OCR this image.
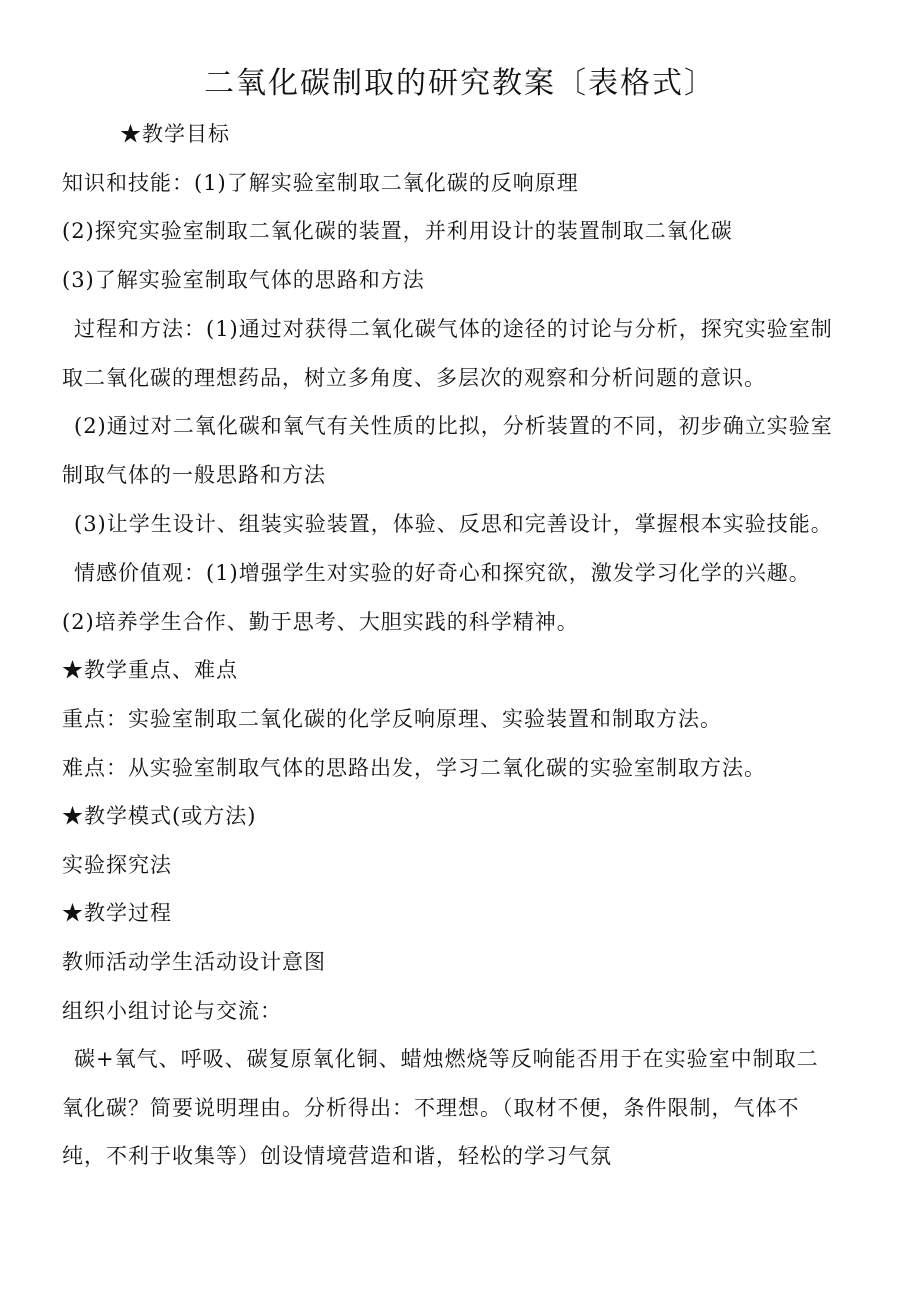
二氧化碳制取的研究教案〔表格式〕
★教学目标
知识和技能：(1)了解实验室制取二氧化碳的反响原理
(2)探究实验室制取二氧化碳的装置，并利用设计的装置制取二氧化碳
(3)了解实验室制取气体的思路和方法
过程和方法：(1)通过对获得二氧化碳气体的途径的讨论与分析，探究实验室制
取二氧化碳的理想药品，树立多角度、多层次的观察和分析问题的意识。
(2)通过对二氧化碳和氧气有关性质的比拟，分析装置的不同，初步确立实验室
制取气体的一般思路和方法
(3)让学生设计、组装实验装置，体验、反思和完善设计，掌握根本实验技能。
情感价值观：(1)增强学生对实验的好奇心和探究欲，激发学习化学的兴趣。
(2)培养学生合作、勤于思考、大胆实践的科学精神。
★教学重点、难点
重点：实验室制取二氧化碳的化学反响原理、实验装置和制取方法。
难点：从实验室制取气体的思路出发，学习二氧化碳的实验室制取方法。
★教学模式(或方法)
实验探究法
★教学过程
教师活动学生活动设计意图
组织小组讨论与交流：
碳+氧气、呼吸、碳复原氧化铜、蜡烛燃烧等反响能否用于在实验室中制取二
氧化碳？简要说明理由。分析得出：不理想。（取材不便，条件限制，气体不
纯，不利于收集等）创设情境营造和谐，轻松的学习气氛
